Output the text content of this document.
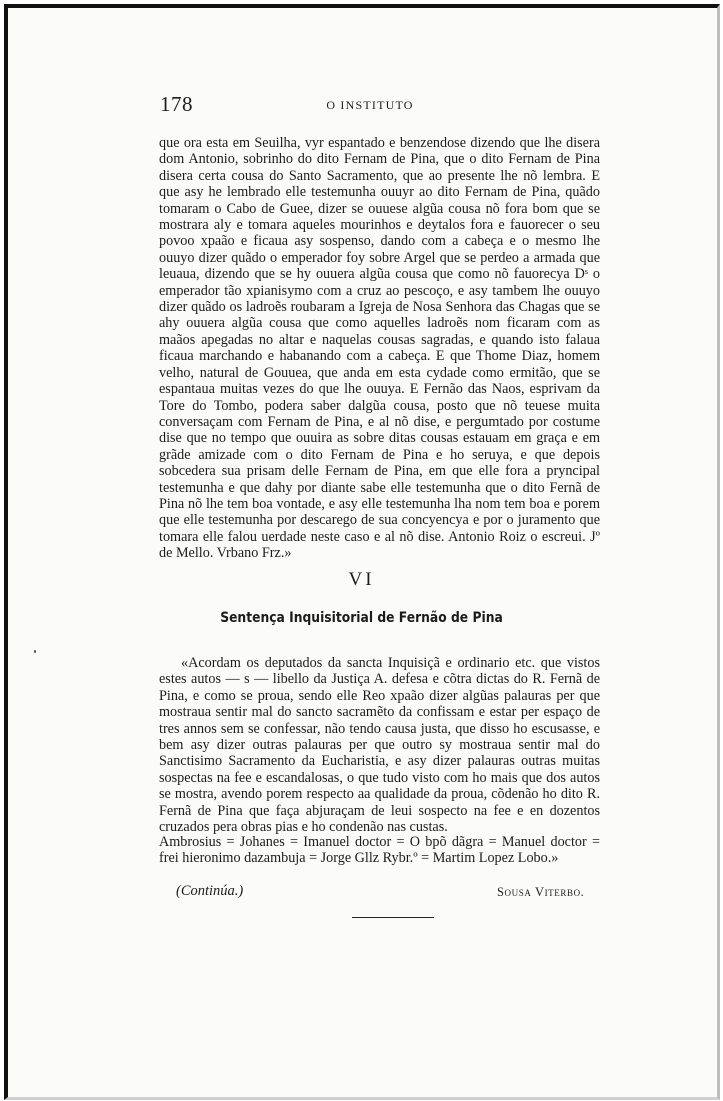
178	O INSTITUTO

que ora esta em Seuilha, vyr espantado e benzendose dizendo que lhe disera dom Antonio, sobrinho do dito Fernam de Pina, que o dito Fernam de Pina disera certa cousa do Santo Sacramento, que ao presente lhe nõ lembra. E que asy he lembrado elle testemunha ouuyr ao dito Fernam de Pina, quãdo tomaram o Cabo de Guee, dizer se ouuese algũa cousa nõ fora bom que se mostrara aly e tomara aqueles mourinhos e deytalos fora e fauorecer o seu povoo xpaão e ficaua asy sospenso, dando com a cabeça e o mesmo lhe ouuyo dizer quãdo o emperador foy sobre Argel que se perdeo a armada que leuaua, dizendo que se hy ouuera algũa cousa que como nõ fauorecya Dˢ o emperador tão xpianisymo com a cruz ao pescoço, e asy tambem lhe ouuyo dizer quãdo os ladroẽs roubaram a Igreja de Nosa Senhora das Chagas que se ahy ouuera algũa cousa que como aquelles ladroẽs nom ficaram com as maãos apegadas no altar e naquelas cousas sagradas, e quando isto falaua ficaua marchando e habanando com a cabeça. E que Thome Diaz, homem velho, natural de Gouuea, que anda em esta cydade como ermitão, que se espantaua muitas vezes do que lhe ouuya. E Fernão das Naos, esprivam da Tore do Tombo, podera saber dalgũa cousa, posto que nõ teuese muita conversaçam com Fernam de Pina, e al nõ dise, e pergumtado por costume dise que no tempo que ouuira as sobre ditas cousas estauam em graça e em grãde amizade com o dito Fernam de Pina e ho seruya, e que depois sobcedera sua prisam delle Fernam de Pina, em que elle fora a pryncipal testemunha e que dahy por diante sabe elle testemunha que o dito Fernã de Pina nõ lhe tem boa vontade, e asy elle testemunha lha nom tem boa e porem que elle testemunha por descarego de sua concyencya e por o juramento que tomara elle falou uerdade neste caso e al nõ dise. Antonio Roiz o escreui. Jº de Mello. Vrbano Frz.»

VI
Sentença Inquisitorial de Fernão de Pina

«Acordam os deputados da sancta Inquisiçã e ordinario etc. que vistos estes autos — s — libello da Justiça A. defesa e cõtra dictas do R. Fernã de Pina, e como se proua, sendo elle Reo xpaão dizer algũas palauras per que mostraua sentir mal do sancto sacramẽto da confissam e estar per espaço de tres annos sem se confessar, não tendo causa justa, que disso ho escusasse, e bem asy dizer outras palauras per que outro sy mostraua sentir mal do Sanctisimo Sacramento da Eucharistia, e asy dizer palauras outras muitas sospectas na fee e escandalosas, o que tudo visto com ho mais que dos autos se mostra, avendo porem respecto aa qualidade da proua, cõdenão ho dito R. Fernã de Pina que faça abjuraçam de leui sospecto na fee e en dozentos cruzados pera obras pias e ho condenão nas custas.

Ambrosius = Johanes = Imanuel doctor = O bpõ dãgra = Manuel doctor = frei hieronimo dazambuja = Jorge Gllz Rybr.º = Martim Lopez Lobo.»

(Continúa.)	Sousa Viterbo.
